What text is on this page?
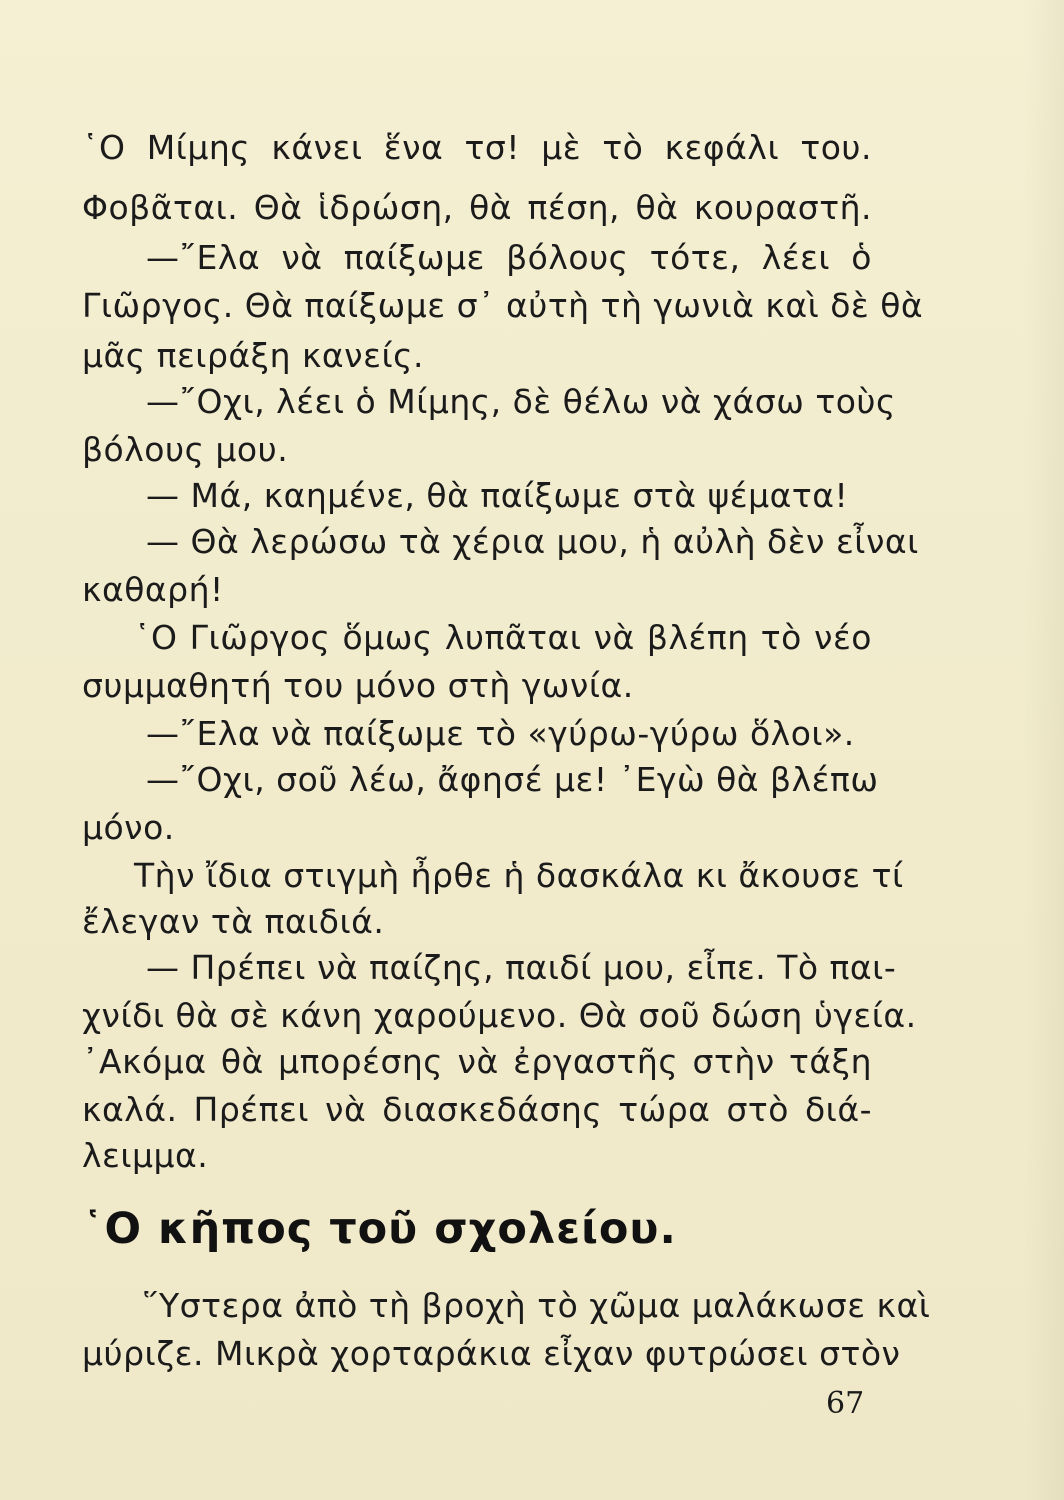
῾Ο Μίμης κάνει ἕνα τσ! μὲ τὸ κεφάλι του.
Φοβᾶται. Θὰ ἱδρώση, θὰ πέση, θὰ κουραστῆ.
—῎Ελα νὰ παίξωμε βόλους τότε, λέει ὁ
Γιῶργος. Θὰ παίξωμε σ᾿ αὐτὴ τὴ γωνιὰ καὶ δὲ θὰ
μᾶς πειράξη κανείς.
—῎Οχι, λέει ὁ Μίμης, δὲ θέλω νὰ χάσω τοὺς
βόλους μου.
— Μά, καημένε, θὰ παίξωμε στὰ ψέματα!
— Θὰ λερώσω τὰ χέρια μου, ἡ αὐλὴ δὲν εἶναι
καθαρή!
῾Ο Γιῶργος ὅμως λυπᾶται νὰ βλέπη τὸ νέο
συμμαθητή του μόνο στὴ γωνία.
—῎Ελα νὰ παίξωμε τὸ «γύρω-γύρω ὅλοι».
—῎Οχι, σοῦ λέω, ἄφησέ με! ᾿Εγὼ θὰ βλέπω
μόνο.
Τὴν ἴδια στιγμὴ ἦρθε ἡ δασκάλα κι ἄκουσε τί
ἔλεγαν τὰ παιδιά.
— Πρέπει νὰ παίζης, παιδί μου, εἶπε. Τὸ παι-
χνίδι θὰ σὲ κάνη χαρούμενο. Θὰ σοῦ δώση ὑγεία.
᾿Ακόμα θὰ μπορέσης νὰ ἐργαστῆς στὴν τάξη
καλά. Πρέπει νὰ διασκεδάσης τώρα στὸ διά-
λειμμα.
῾Ο κῆπος τοῦ σχολείου.
῞Υστερα ἀπὸ τὴ βροχὴ τὸ χῶμα μαλάκωσε καὶ
μύριζε. Μικρὰ χορταράκια εἶχαν φυτρώσει στὸν
67
